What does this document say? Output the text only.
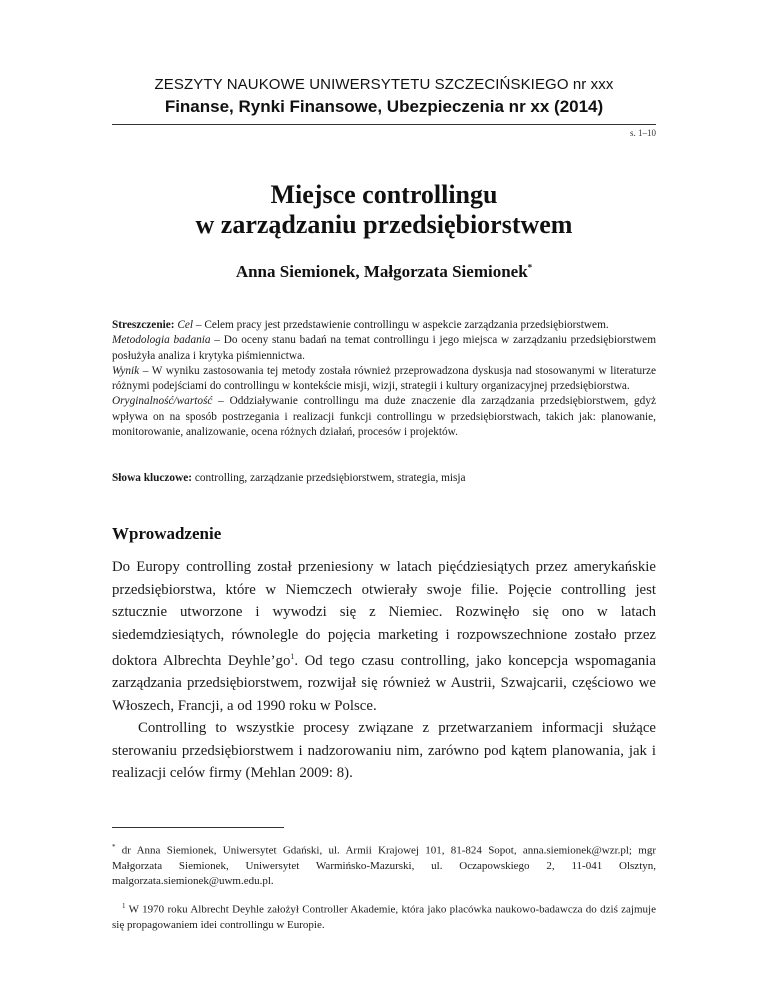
ZESZYTY NAUKOWE UNIWERSYTETU SZCZECIŃSKIEGO nr xxx
Finanse, Rynki Finansowe, Ubezpieczenia nr xx (2014)
s. 1–10
Miejsce controllingu
w zarządzaniu przedsiębiorstwem
Anna Siemionek, Małgorzata Siemionek*

Streszczenie: Cel – Celem pracy jest przedstawienie controllingu w aspekcie zarządzania przedsiębiorstwem.

Metodologia badania – Do oceny stanu badań na temat controllingu i jego miejsca w zarządzaniu przedsiębiorstwem posłużyła analiza i krytyka piśmiennictwa.

Wynik – W wyniku zastosowania tej metody została również przeprowadzona dyskusja nad stosowanymi w literaturze różnymi podejściami do controllingu w kontekście misji, wizji, strategii i kultury organizacyjnej przedsiębiorstwa.

Oryginalność/wartość – Oddziaływanie controllingu ma duże znaczenie dla zarządzania przedsiębiorstwem, gdyż wpływa on na sposób postrzegania i realizacji funkcji controllingu w przedsiębiorstwach, takich jak: planowanie, monitorowanie, analizowanie, ocena różnych działań, procesów i projektów.

Słowa kluczowe: controlling, zarządzanie przedsiębiorstwem, strategia, misja
Wprowadzenie

Do Europy controlling został przeniesiony w latach pięćdziesiątych przez amerykańskie przedsiębiorstwa, które w Niemczech otwierały swoje filie. Pojęcie controlling jest sztucznie utworzone i wywodzi się z Niemiec. Rozwinęło się ono w latach siedemdziesiątych, równolegle do pojęcia marketing i rozpowszechnione zostało przez doktora Albrechta $Deyhle’go^1$. Od tego czasu controlling, jako koncepcja wspomagania zarządzania przedsiębiorstwem, rozwijał się również w Austrii, Szwajcarii, częściowo we Włoszech, Francji, a od 1990 roku w Polsce.

Controlling to wszystkie procesy związane z przetwarzaniem informacji służące sterowaniu przedsiębiorstwem i nadzorowaniu nim, zarówno pod kątem planowania, jak i realizacji celów firmy (Mehlan 2009: 8).

* dr Anna Siemionek, Uniwersytet Gdański, ul. Armii Krajowej 101, 81-824 Sopot, anna.siemionek@wzr.pl; mgr Małgorzata Siemionek, Uniwersytet Warmińsko-Mazurski, ul. Oczapowskiego 2, 11-041 Olsztyn, malgorzata.siemionek@uwm.edu.pl.

$^1$ W 1970 roku Albrecht Deyhle założył Controller Akademie, która jako placówka naukowo-badawcza do dziś zajmuje się propagowaniem idei controllingu w Europie.
